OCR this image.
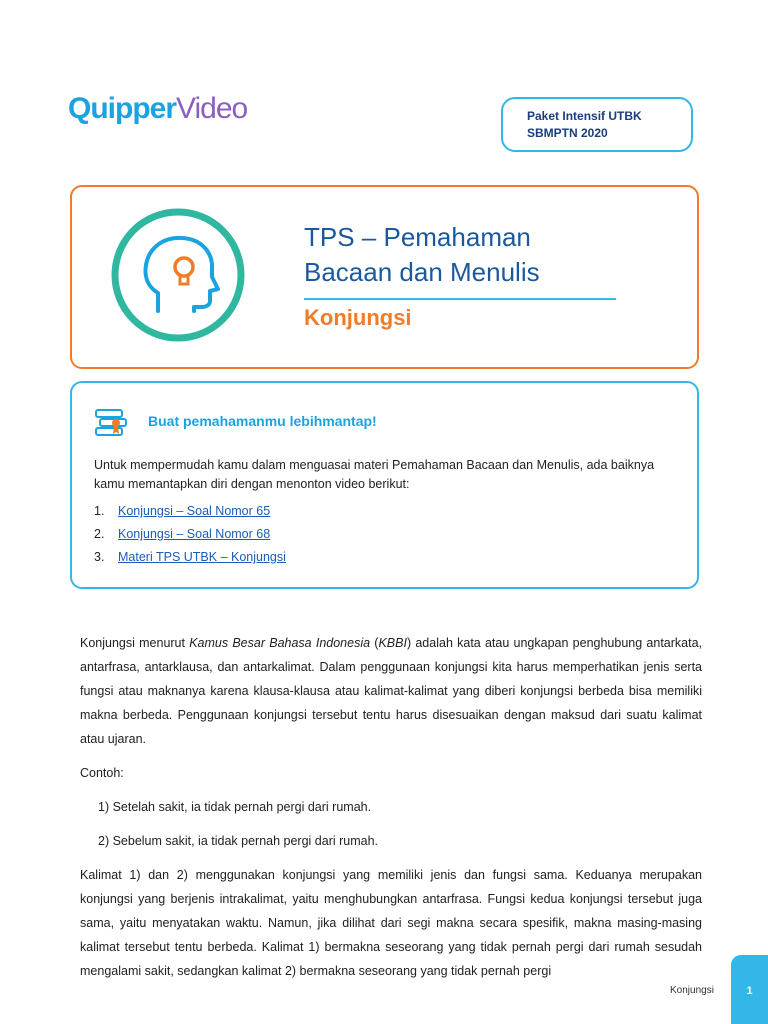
QuipperVideo	Paket Intensif UTBK
SBMPTN 2020
TPS – Pemahaman
Bacaan dan Menulis
Konjungsi
Buat pemahamanmu lebihmantap!
Untuk mempermudah kamu dalam menguasai materi Pemahaman Bacaan dan Menulis, ada baiknya kamu memantapkan diri dengan menonton video berikut:
1. Konjungsi – Soal Nomor 65
2. Konjungsi – Soal Nomor 68
3. Materi TPS UTBK – Konjungsi

Konjungsi menurut Kamus Besar Bahasa Indonesia (KBBI) adalah kata atau ungkapan penghubung antarkata, antarfrasa, antarklausa, dan antarkalimat. Dalam penggunaan konjungsi kita harus memperhatikan jenis serta fungsi atau maknanya karena klausa-klausa atau kalimat-kalimat yang diberi konjungsi berbeda bisa memiliki makna berbeda. Penggunaan konjungsi tersebut tentu harus disesuaikan dengan maksud dari suatu kalimat atau ujaran.

Contoh:

1) Setelah sakit, ia tidak pernah pergi dari rumah.

2) Sebelum sakit, ia tidak pernah pergi dari rumah.

Kalimat 1) dan 2) menggunakan konjungsi yang memiliki jenis dan fungsi sama. Keduanya merupakan konjungsi yang berjenis intrakalimat, yaitu menghubungkan antarfrasa. Fungsi kedua konjungsi tersebut juga sama, yaitu menyatakan waktu. Namun, jika dilihat dari segi makna secara spesifik, makna masing-masing kalimat tersebut tentu berbeda. Kalimat 1) bermakna seseorang yang tidak pernah pergi dari rumah sesudah mengalami sakit, sedangkan kalimat 2) bermakna seseorang yang tidak pernah pergi

Konjungsi	1
